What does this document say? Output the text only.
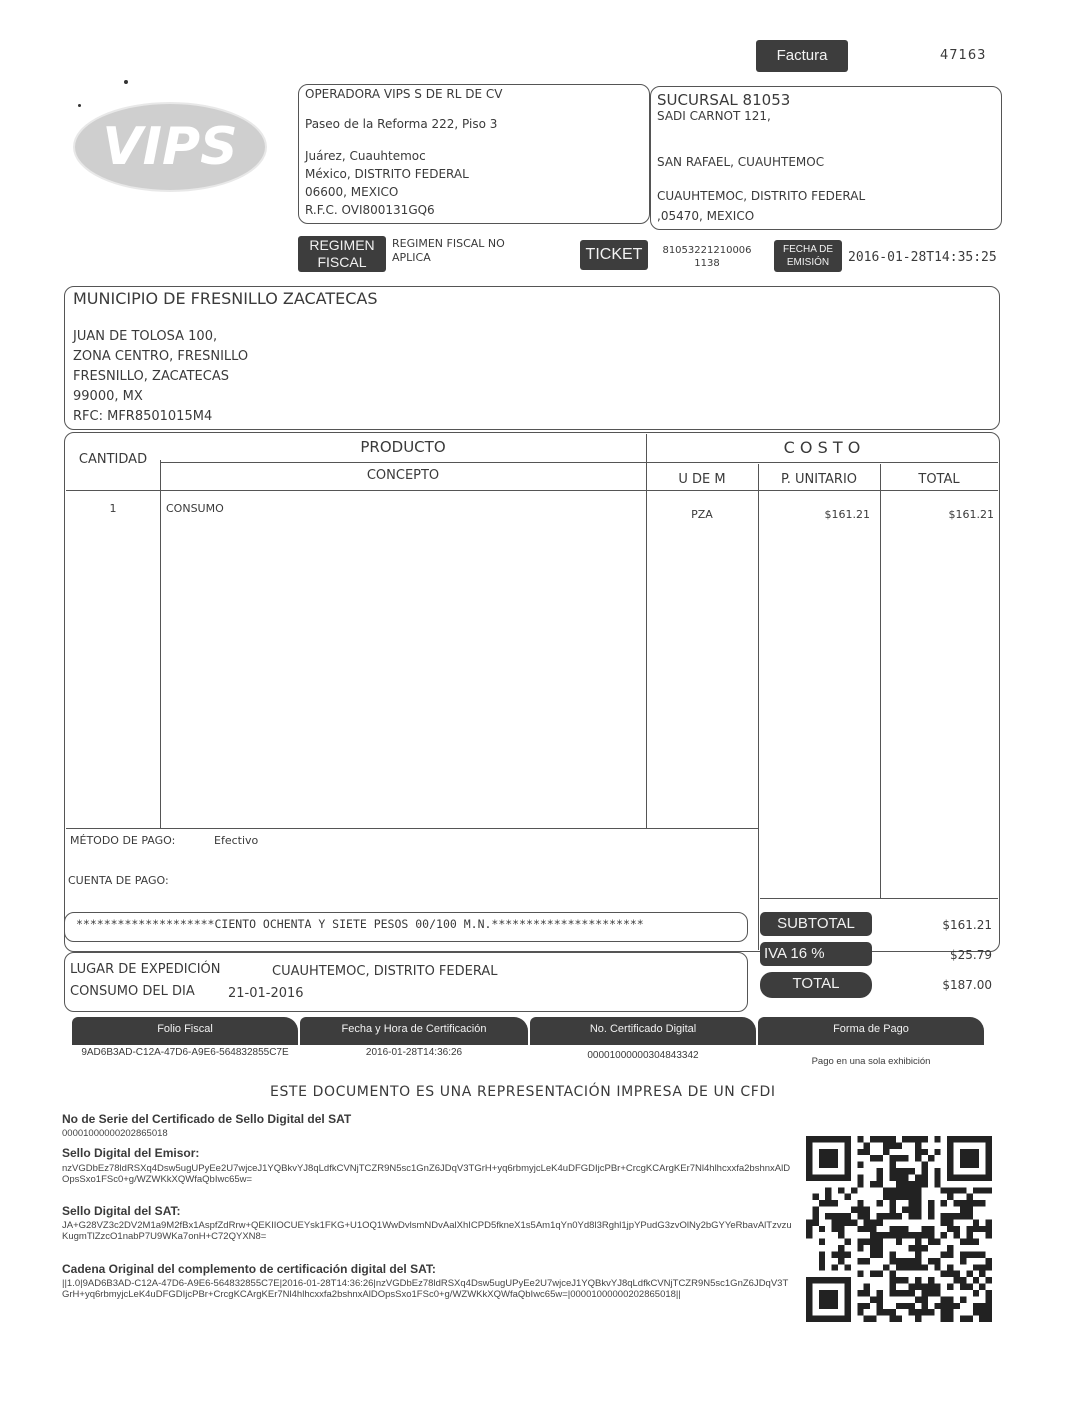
Factura	47163
VIPS
OPERADORA VIPS S DE RL DE CV
Paseo de la Reforma 222, Piso 3
Juárez, Cuauhtemoc
México, DISTRITO FEDERAL
06600, MEXICO
R.F.C. OVI800131GQ6
SUCURSAL 81053
SADI CARNOT 121,
SAN RAFAEL, CUAUHTEMOC
CUAUHTEMOC, DISTRITO FEDERAL
,05470, MEXICO
REGIMEN FISCAL
REGIMEN FISCAL NO APLICA	TICKET	81053221210006
1138
FECHA DE EMISIÓN	2016-01-28T14:35:25
MUNICIPIO DE FRESNILLO ZACATECAS
JUAN DE TOLOSA 100,
ZONA CENTRO, FRESNILLO
FRESNILLO, ZACATECAS
99000, MX
RFC: MFR8501015M4
CANTIDAD
PRODUCTO	C O S T O
CONCEPTO	U DE M	P. UNITARIO	TOTAL
1	CONSUMO	PZA	$161.21	$161.21
MÉTODO DE PAGO:	Efectivo
CUENTA DE PAGO:
********************CIENTO OCHENTA Y SIETE PESOS 00/100 M.N.**********************	SUBTOTAL	$161.21
IVA 16 %	$25.79
TOTAL	$187.00
LUGAR DE EXPEDICIÓN	CUAUHTEMOC, DISTRITO FEDERAL
CONSUMO DEL DIA	21-01-2016
Folio Fiscal	Fecha y Hora de Certificación	No. Certificado Digital	Forma de Pago
9AD6B3AD-C12A-47D6-A9E6-564832855C7E	2016-01-28T14:36:26	00001000000304843342
Pago en una sola exhibición
ESTE DOCUMENTO ES UNA REPRESENTACIÓN IMPRESA DE UN CFDI
No de Serie del Certificado de Sello Digital del SAT
00001000000202865018
Sello Digital del Emisor:
nzVGDbEz78ldRSXq4Dsw5ugUPyEe2U7wjceJ1YQBkvYJ8qLdfkCVNjTCZR9N5sc1GnZ6JDqV3TGrH+yq6rbmyjcLeK4uDFGDIjcPBr+CrcgKCArgKEr7Nl4hlhcxxfa2bshnxAlDOpsSxo1FSc0+g/WZWKkXQWfaQbIwc65w=
Sello Digital del SAT:
JA+G28VZ3c2DV2M1a9M2fBx1AspfZdRrw+QEKIIOCUEYsk1FKG+U1OQ1WwDvlsmNDvAalXhICPD5fkneX1s5Am1qYn0Yd8l3Rghl1jpYPudG3zvOlNy2bGYYeRbavAlTzvzuKugmTlZzcO1nabP7U9WKa7onH+C72QYXN8=
Cadena Original del complemento de certificación digital del SAT:
||1.0|9AD6B3AD-C12A-47D6-A9E6-564832855C7E|2016-01-28T14:36:26|nzVGDbEz78ldRSXq4Dsw5ugUPyEe2U7wjceJ1YQBkvYJ8qLdfkCVNjTCZR9N5sc1GnZ6JDqV3TGrH+yq6rbmyjcLeK4uDFGDIjcPBr+CrcgKCArgKEr7Nl4hlhcxxfa2bshnxAlDOpsSxo1FSc0+g/WZWKkXQWfaQbIwc65w=|00001000000202865018||
